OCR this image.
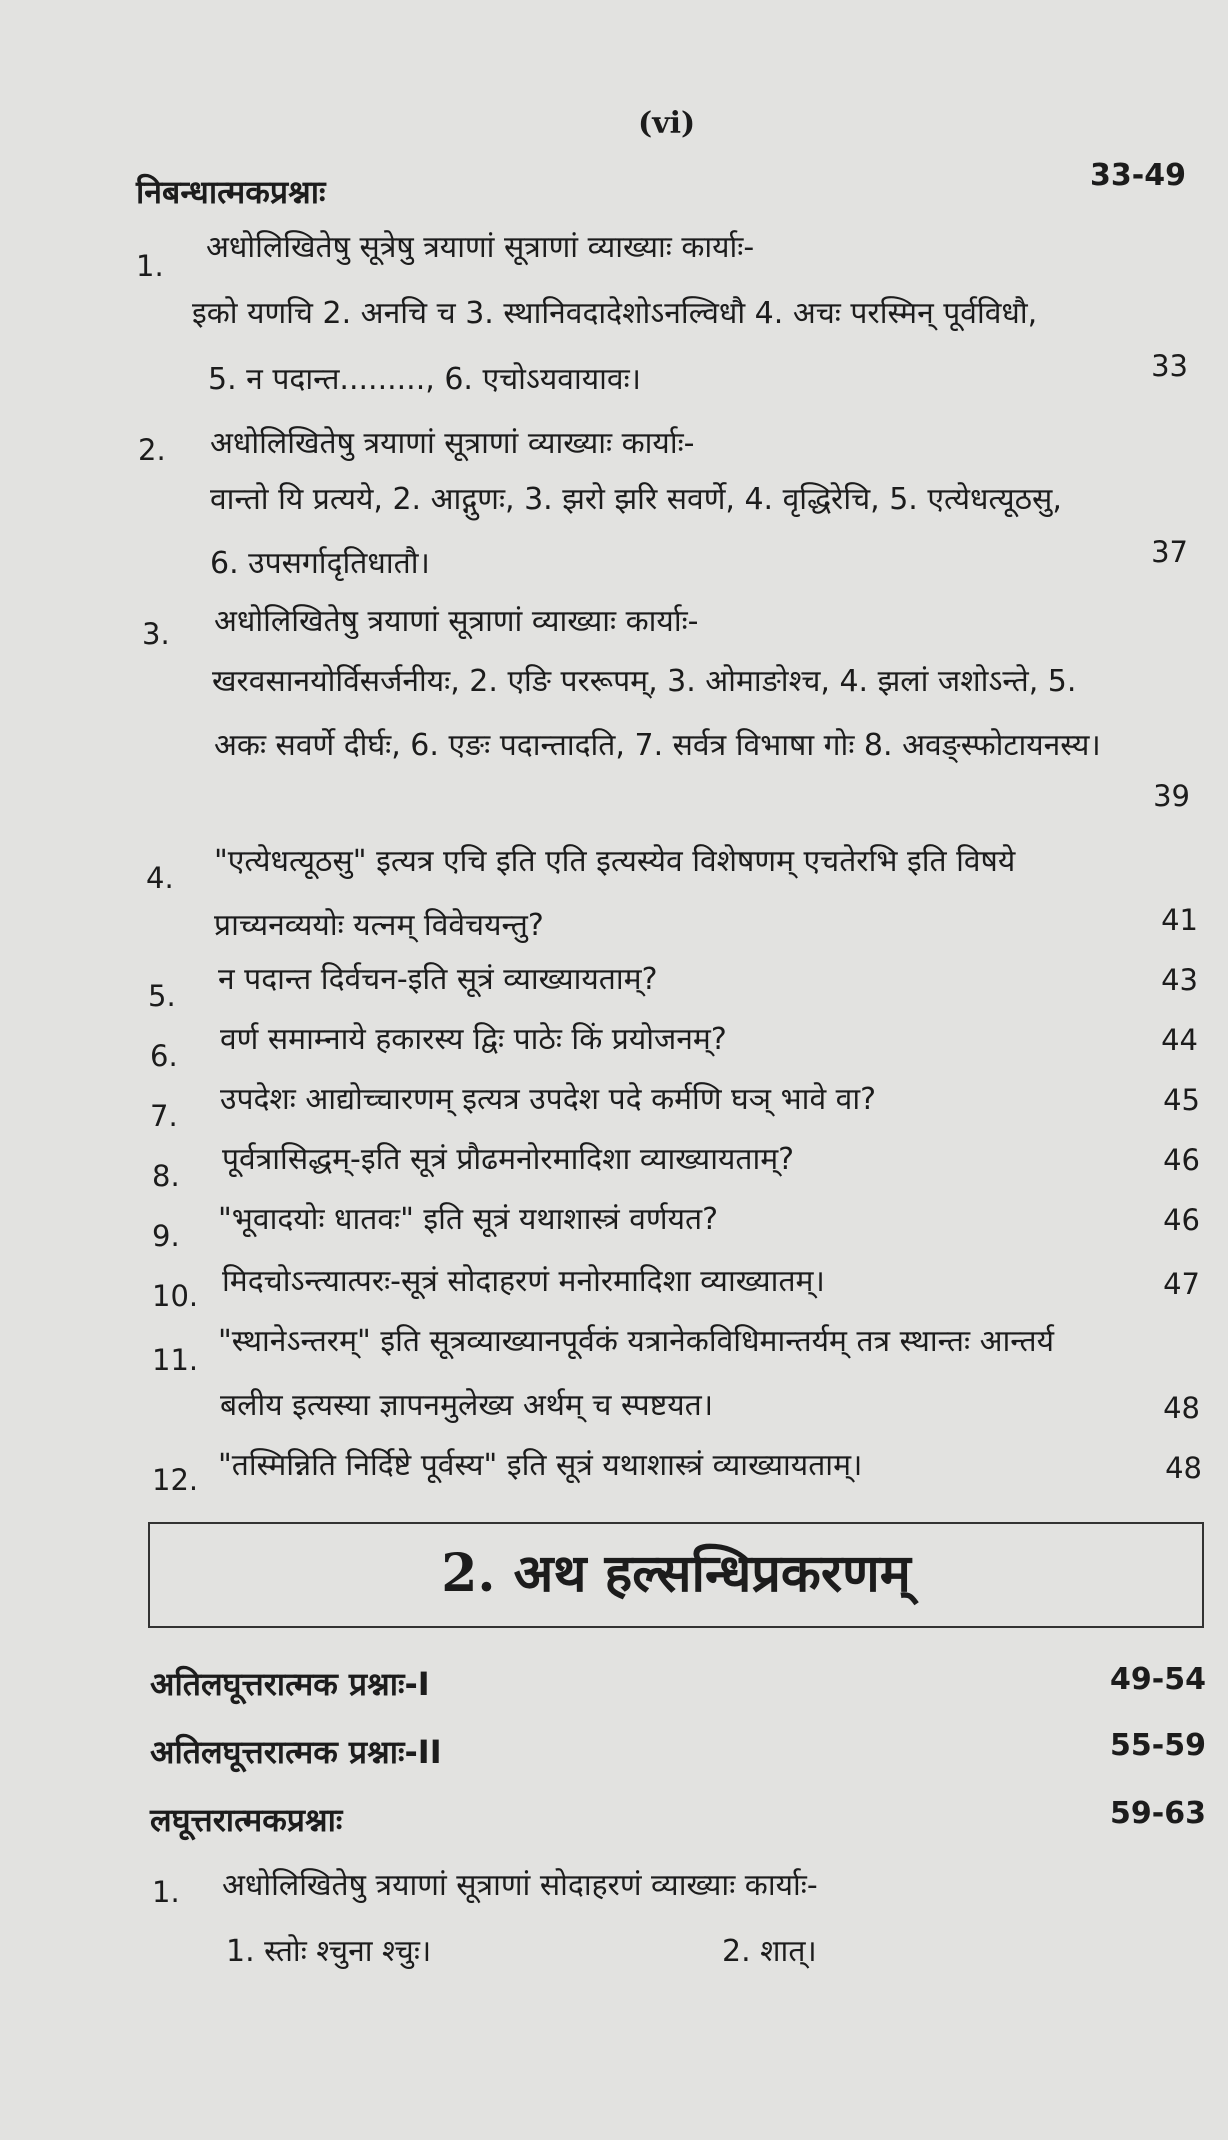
(vi)
निबन्धात्मकप्रश्नाः	33-49
1.
अधोलिखितेषु सूत्रेषु त्रयाणां सूत्राणां व्याख्याः कार्याः-
इको यणचि 2. अनचि च 3. स्थानिवदादेशोऽनल्विधौ 4. अचः परस्मिन् पूर्वविधौ,
5. न पदान्त........., 6. एचोऽयवायावः।	33
2. अधोलिखितेषु त्रयाणां सूत्राणां व्याख्याः कार्याः-
वान्तो यि प्रत्यये, 2. आद्गुणः, 3. झरो झरि सवर्णे, 4. वृद्धिरेचि, 5. एत्येधत्यूठसु,
6. उपसर्गादृतिधातौ।	37
3. अधोलिखितेषु त्रयाणां सूत्राणां व्याख्याः कार्याः-
खरवसानयोर्विसर्जनीयः, 2. एङि पररूपम्, 3. ओमाङोश्च, 4. झलां जशोऽन्ते, 5.
अकः सवर्णे दीर्घः, 6. एङः पदान्तादति, 7. सर्वत्र विभाषा गोः 8. अवङ्स्फोटायनस्य।
39
4. "एत्येधत्यूठसु" इत्यत्र एचि इति एति इत्यस्येव विशेषणम् एचतेरभि इति विषये
प्राच्यनव्ययोः यत्नम् विवेचयन्तु?	41
5. न पदान्त दिर्वचन-इति सूत्रं व्याख्यायताम्?	43
6. वर्ण समाम्नाये हकारस्य द्विः पाठेः किं प्रयोजनम्?	44
7. उपदेशः आद्योच्चारणम् इत्यत्र उपदेश पदे कर्मणि घञ् भावे वा?	45
8. पूर्वत्रासिद्धम्-इति सूत्रं प्रौढमनोरमादिशा व्याख्यायताम्?	46
9. "भूवादयोः धातवः" इति सूत्रं यथाशास्त्रं वर्णयत?	46
10. मिदचोऽन्त्यात्परः-सूत्रं सोदाहरणं मनोरमादिशा व्याख्यातम्।	47
11.
"स्थानेऽन्तरम्" इति सूत्रव्याख्यानपूर्वकं यत्रानेकविधिमान्तर्यम् तत्र स्थान्तः आन्तर्य
बलीय इत्यस्या ज्ञापनमुलेख्य अर्थम् च स्पष्टयत।	48
12. "तस्मिन्निति निर्दिष्टे पूर्वस्य" इति सूत्रं यथाशास्त्रं व्याख्यायताम्।	48
2. अथ हल्सन्धिप्रकरणम्
अतिलघूत्तरात्मक प्रश्नाः-I	49-54
अतिलघूत्तरात्मक प्रश्नाः-II	55-59
लघूत्तरात्मकप्रश्नाः	59-63
1. अधोलिखितेषु त्रयाणां सूत्राणां सोदाहरणं व्याख्याः कार्याः-
1. स्तोः श्चुना श्चुः।	2. शात्।
